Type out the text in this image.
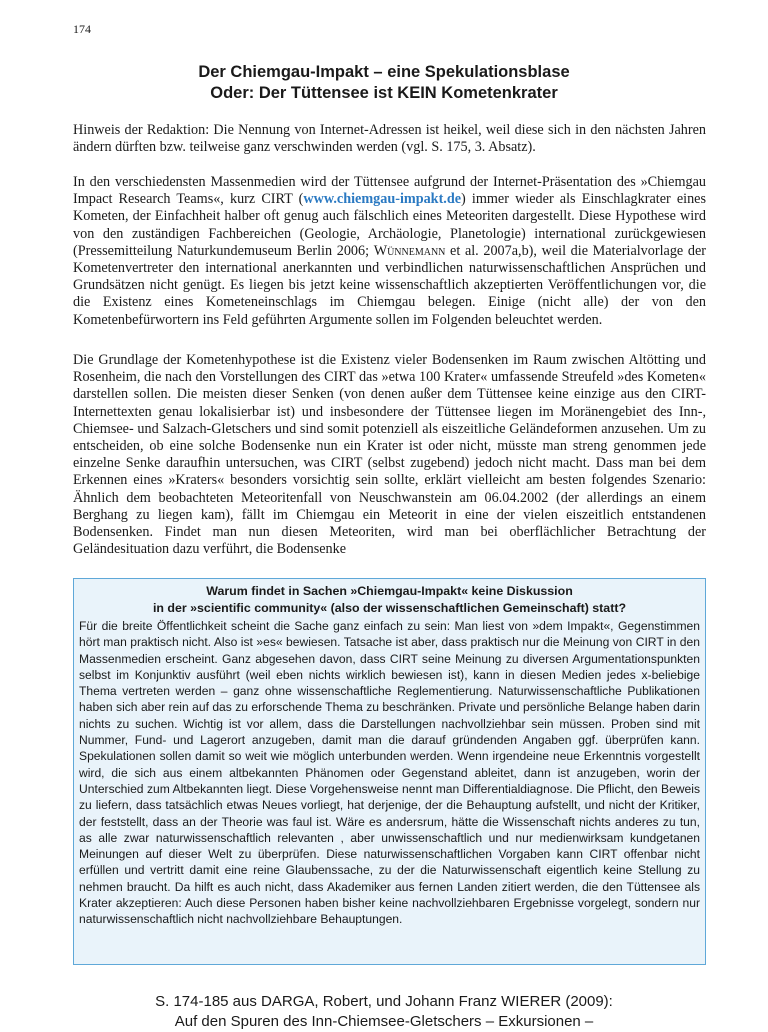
174
Der Chiemgau-Impakt – eine Spekulationsblase
Oder: Der Tüttensee ist KEIN Kometenkrater

Hinweis der Redaktion: Die Nennung von Internet-Adressen ist heikel, weil diese sich in den nächsten Jahren ändern dürften bzw. teilweise ganz verschwinden werden (vgl. S. 175, 3. Absatz).

In den verschiedensten Massenmedien wird der Tüttensee aufgrund der Internet-Präsentation des »Chiemgau Impact Research Teams«, kurz CIRT (www.chiemgau-impakt.de) immer wieder als Einschlagkrater eines Kometen, der Einfachheit halber oft genug auch fälschlich eines Meteoriten dargestellt. Diese Hypothese wird von den zuständigen Fachbereichen (Geologie, Archäologie, Planetologie) international zurückgewiesen (Pressemitteilung Naturkundemuseum Berlin 2006; Wünnemann et al. 2007a,b), weil die Materialvorlage der Kometenvertreter den international anerkannten und verbindlichen naturwissenschaftlichen Ansprüchen und Grundsätzen nicht genügt. Es liegen bis jetzt keine wissenschaftlich akzeptierten Veröffentlichungen vor, die die Existenz eines Kometeneinschlags im Chiemgau belegen. Einige (nicht alle) der von den Kometenbefürwortern ins Feld geführten Argumente sollen im Folgenden beleuchtet werden.

Die Grundlage der Kometenhypothese ist die Existenz vieler Bodensenken im Raum zwischen Altötting und Rosenheim, die nach den Vorstellungen des CIRT das »etwa 100 Krater« umfassende Streufeld »des Kometen« darstellen sollen. Die meisten dieser Senken (von denen außer dem Tüttensee keine einzige aus den CIRT-Internettexten genau lokalisierbar ist) und insbesondere der Tüttensee liegen im Moränengebiet des Inn-, Chiemsee- und Salzach-Gletschers und sind somit potenziell als eiszeitliche Geländeformen anzusehen. Um zu entscheiden, ob eine solche Bodensenke nun ein Krater ist oder nicht, müsste man streng genommen jede einzelne Senke daraufhin untersuchen, was CIRT (selbst zugebend) jedoch nicht macht. Dass man bei dem Erkennen eines »Kraters« besonders vorsichtig sein sollte, erklärt vielleicht am besten folgendes Szenario: Ähnlich dem beobachteten Meteoritenfall von Neuschwanstein am 06.04.2002 (der allerdings an einem Berghang zu liegen kam), fällt im Chiemgau ein Meteorit in eine der vielen eiszeitlich entstandenen Bodensenken. Findet man nun diesen Meteoriten, wird man bei oberflächlicher Betrachtung der Geländesituation dazu verführt, die Bodensenke

Warum findet in Sachen »Chiemgau-Impakt« keine Diskussion
in der »scientific community« (also der wissenschaftlichen Gemeinschaft) statt?
Für die breite Öffentlichkeit scheint die Sache ganz einfach zu sein: Man liest von »dem Impakt«, Gegenstimmen hört man praktisch nicht. Also ist »es« bewiesen. Tatsache ist aber, dass praktisch nur die Meinung von CIRT in den Massenmedien erscheint. Ganz abgesehen davon, dass CIRT seine Meinung zu diversen Argumentationspunkten selbst im Konjunktiv ausführt (weil eben nichts wirklich bewiesen ist), kann in diesen Medien jedes x-beliebige Thema vertreten werden – ganz ohne wissenschaftliche Reglementierung. Naturwissenschaftliche Publikationen haben sich aber rein auf das zu erforschende Thema zu beschränken. Private und persönliche Belange haben darin nichts zu suchen. Wichtig ist vor allem, dass die Darstellungen nachvollziehbar sein müssen. Proben sind mit Nummer, Fund- und Lagerort anzugeben, damit man die darauf gründenden Angaben ggf. überprüfen kann. Spekulationen sollen damit so weit wie möglich unterbunden werden. Wenn irgendeine neue Erkenntnis vorgestellt wird, die sich aus einem altbekannten Phänomen oder Gegenstand ableitet, dann ist anzugeben, worin der Unterschied zum Altbekannten liegt. Diese Vorgehensweise nennt man Differentialdiagnose. Die Pflicht, den Beweis zu liefern, dass tatsächlich etwas Neues vorliegt, hat derjenige, der die Behauptung aufstellt, und nicht der Kritiker, der feststellt, dass an der Theorie was faul ist. Wäre es andersrum, hätte die Wissenschaft nichts anderes zu tun, as alle zwar naturwissenschaftlich relevanten , aber unwissenschaftlich und nur medienwirksam kundgetanen Meinungen auf dieser Welt zu überprüfen. Diese naturwissenschaftlichen Vorgaben kann CIRT offenbar nicht erfüllen und vertritt damit eine reine Glaubenssache, zu der die Naturwissenschaft eigentlich keine Stellung zu nehmen braucht. Da hilft es auch nicht, dass Akademiker aus fernen Landen zitiert werden, die den Tüttensee als Krater akzeptieren: Auch diese Personen haben bisher keine nachvollziehbaren Ergebnisse vorgelegt, sondern nur naturwissenschaftlich nicht nachvollziehbare Behauptungen.
S. 174-185 aus DARGA, Robert, und Johann Franz WIERER (2009):
Auf den Spuren des Inn-Chiemsee-Gletschers – Exkursionen –
